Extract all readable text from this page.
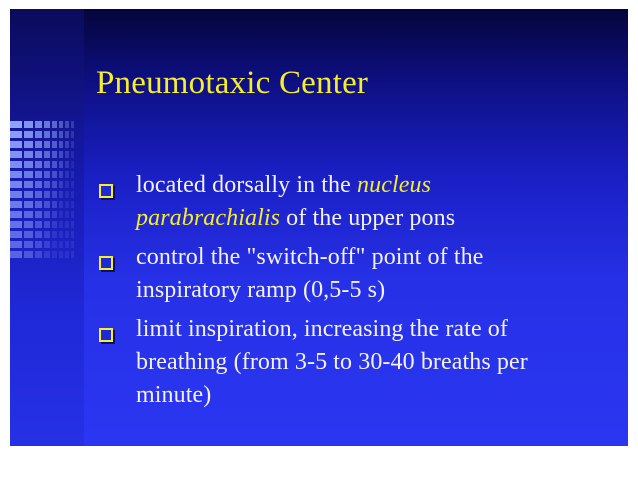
Pneumotaxic Center
located dorsally in the nucleus
parabrachialis of the upper pons
control the "switch-off" point of the
inspiratory ramp (0,5-5 s)
limit inspiration, increasing the rate of
breathing (from 3-5 to 30-40 breaths per
minute)
